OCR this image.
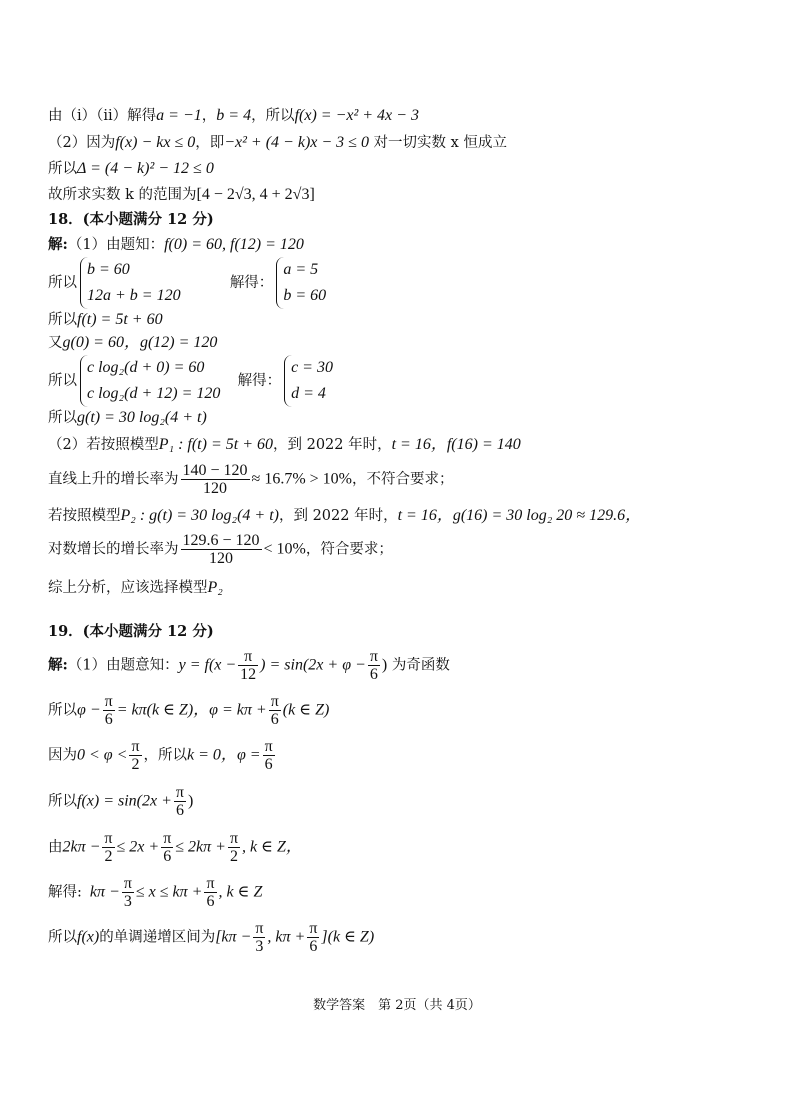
由（ⅰ）（ⅱ）解得a = −1，b = 4，所以f(x) = −x² + 4x − 3
（2）因为f(x) − kx ≤ 0，即−x² + (4 − k)x − 3 ≤ 0 对一切实数 x 恒成立
所以Δ = (4 − k)² − 12 ≤ 0
故所求实数 k 的范围为[4 − 2√3, 4 + 2√3]
18．(本小题满分 12 分)
解:（1）由题知：f(0) = 60, f(12) = 120
所以
b = 60
12a + b = 120
解得：
a = 5
b = 60
所以f(t) = 5t + 60
又g(0) = 60，g(12) = 120
所以
c log₂(d + 0) = 60
c log₂(d + 12) = 120
解得：
c = 30
d = 4
所以g(t) = 30 log₂(4 + t)
（2）若按照模型P₁ : f(t) = 5t + 60，到 2022 年时，t = 16，f(16) = 140
直线上升的增长率为 $\frac{140 - 120}{120} \approx 16.7\% > 10\%$，不符合要求；
若按照模型P₂ : g(t) = 30 log₂(4 + t)，到 2022 年时，t = 16，g(16) = 30 log₂ 20 ≈ 129.6，
对数增长的增长率为 $\frac{129.6 - 120}{120} < 10\%$，符合要求；
综上分析，应该选择模型P₂
19．(本小题满分 12 分)
解:（1）由题意知：$y = f(x - \frac{\pi}{12}$ ) = $\sin(2x + \varphi - \frac{\pi}{6}$ ) 为奇函数
所以$\varphi - \frac{\pi}{6} = k\pi(k$ ∈ Z)，$\varphi = k\pi + \frac{\pi}{6} (k$ ∈ Z)
因为$0 < \varphi < \frac{\pi}{2}$ ，所以k = 0，$\varphi = \frac{\pi}{6}$
所以$f(x) = \sin(2x + \frac{\pi}{6}$ )
由$2k\pi - \frac{\pi}{2} \le 2x + \frac{\pi}{6} \le 2k\pi + \frac{\pi}{2}$ , k ∈ Z，
解得: $k\pi - \frac{\pi}{3} \le x \le k\pi + \frac{\pi}{6}$ , k ∈ Z
所以f(x)的单调递增区间为[$k\pi - \frac{\pi}{3}$ , $k\pi + \frac{\pi}{6} ](k$ ∈ Z)
数学答案　第 2页（共 4页）
